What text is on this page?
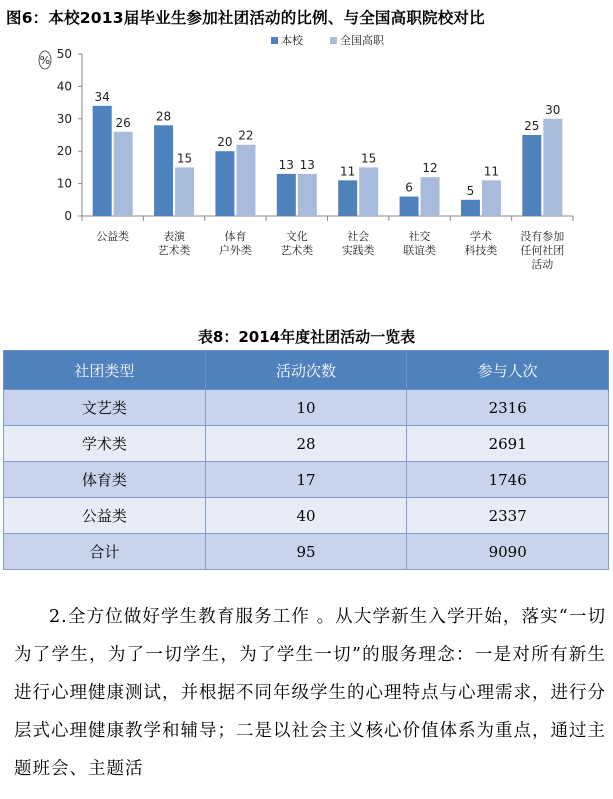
0
10
20
30
40
50
%
本校	全国高职
34
26
公益类
28
15
表演
艺术类
20 22
体育
户外类
13 13
文化
艺术类
11
15
社会
实践类
6
12
社交
联谊类
5
11
学术
科技类
25
30
没有参加
任何社团
活动
图6：本校2013届毕业生参加社团活动的比例、与全国高职院校对比
表8：2014年度社团活动一览表
社团类型	活动次数	参与人次
文艺类	10	2316
学术类	28	2691
体育类	17	1746
公益类	40	2337
合计	95	9090

2.全方位做好学生教育服务工作 。从大学新生入学开始，落实“一切为了学生，为了一切学生，为了学生一切”的服务理念：一是对所有新生进行心理健康测试，并根据不同年级学生的心理特点与心理需求，进行分层式心理健康教学和辅导；二是以社会主义核心价值体系为重点，通过主题班会、主题活
